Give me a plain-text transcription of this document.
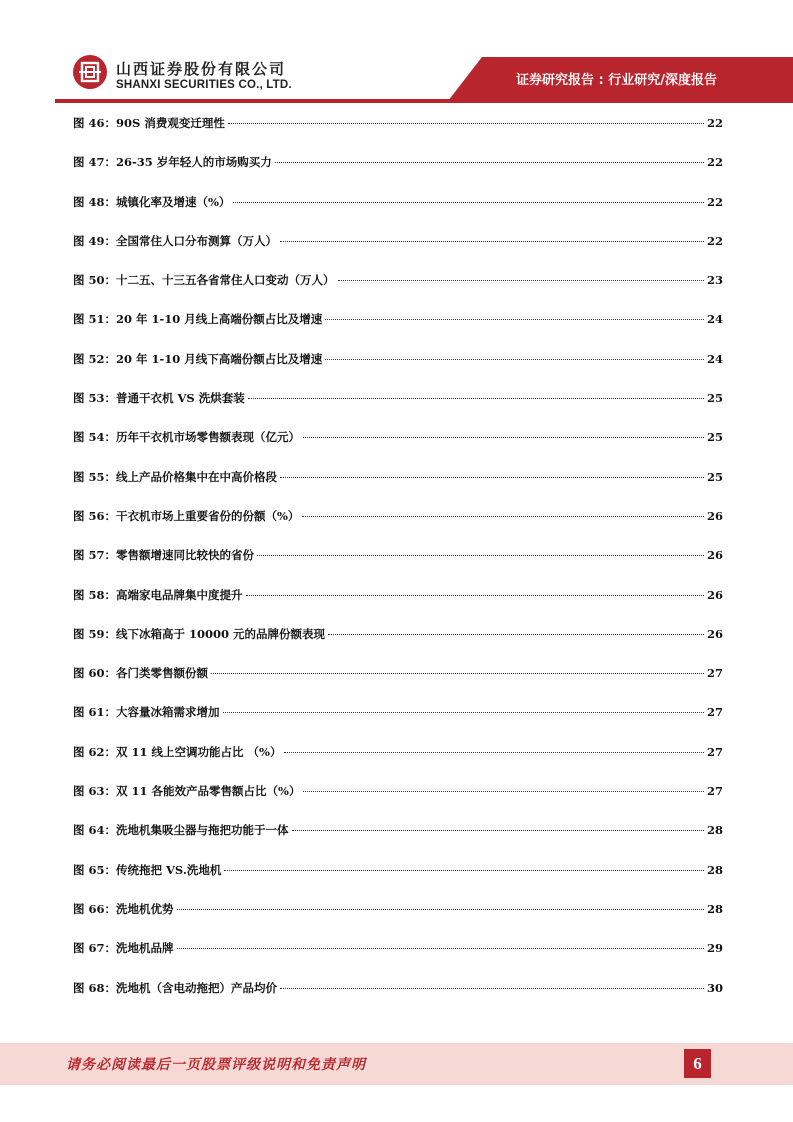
山西证券股份有限公司
SHANXI SECURITIES CO., LTD.	证券研究报告 : 行业研究/深度报告
图 46：90S 消费观变迁理性	22
图 47：26-35 岁年轻人的市场购买力	22
图 48：城镇化率及增速（%）	22
图 49：全国常住人口分布测算（万人）	22
图 50：十二五、十三五各省常住人口变动（万人）	23
图 51：20 年 1-10 月线上高端份额占比及增速	24
图 52：20 年 1-10 月线下高端份额占比及增速	24
图 53：普通干衣机 VS 洗烘套装	25
图 54：历年干衣机市场零售额表现（亿元）	25
图 55：线上产品价格集中在中高价格段	25
图 56：干衣机市场上重要省份的份额（%）	26
图 57：零售额增速同比较快的省份	26
图 58：高端家电品牌集中度提升	26
图 59：线下冰箱高于 10000 元的品牌份额表现	26
图 60：各门类零售额份额	27
图 61：大容量冰箱需求增加	27
图 62：双 11 线上空调功能占比 （%）	27
图 63：双 11 各能效产品零售额占比（%）	27
图 64：洗地机集吸尘器与拖把功能于一体	28
图 65：传统拖把 VS.洗地机	28
图 66：洗地机优势	28
图 67：洗地机品牌	29
图 68：洗地机（含电动拖把）产品均价	30
请务必阅读最后一页股票评级说明和免责声明	6
